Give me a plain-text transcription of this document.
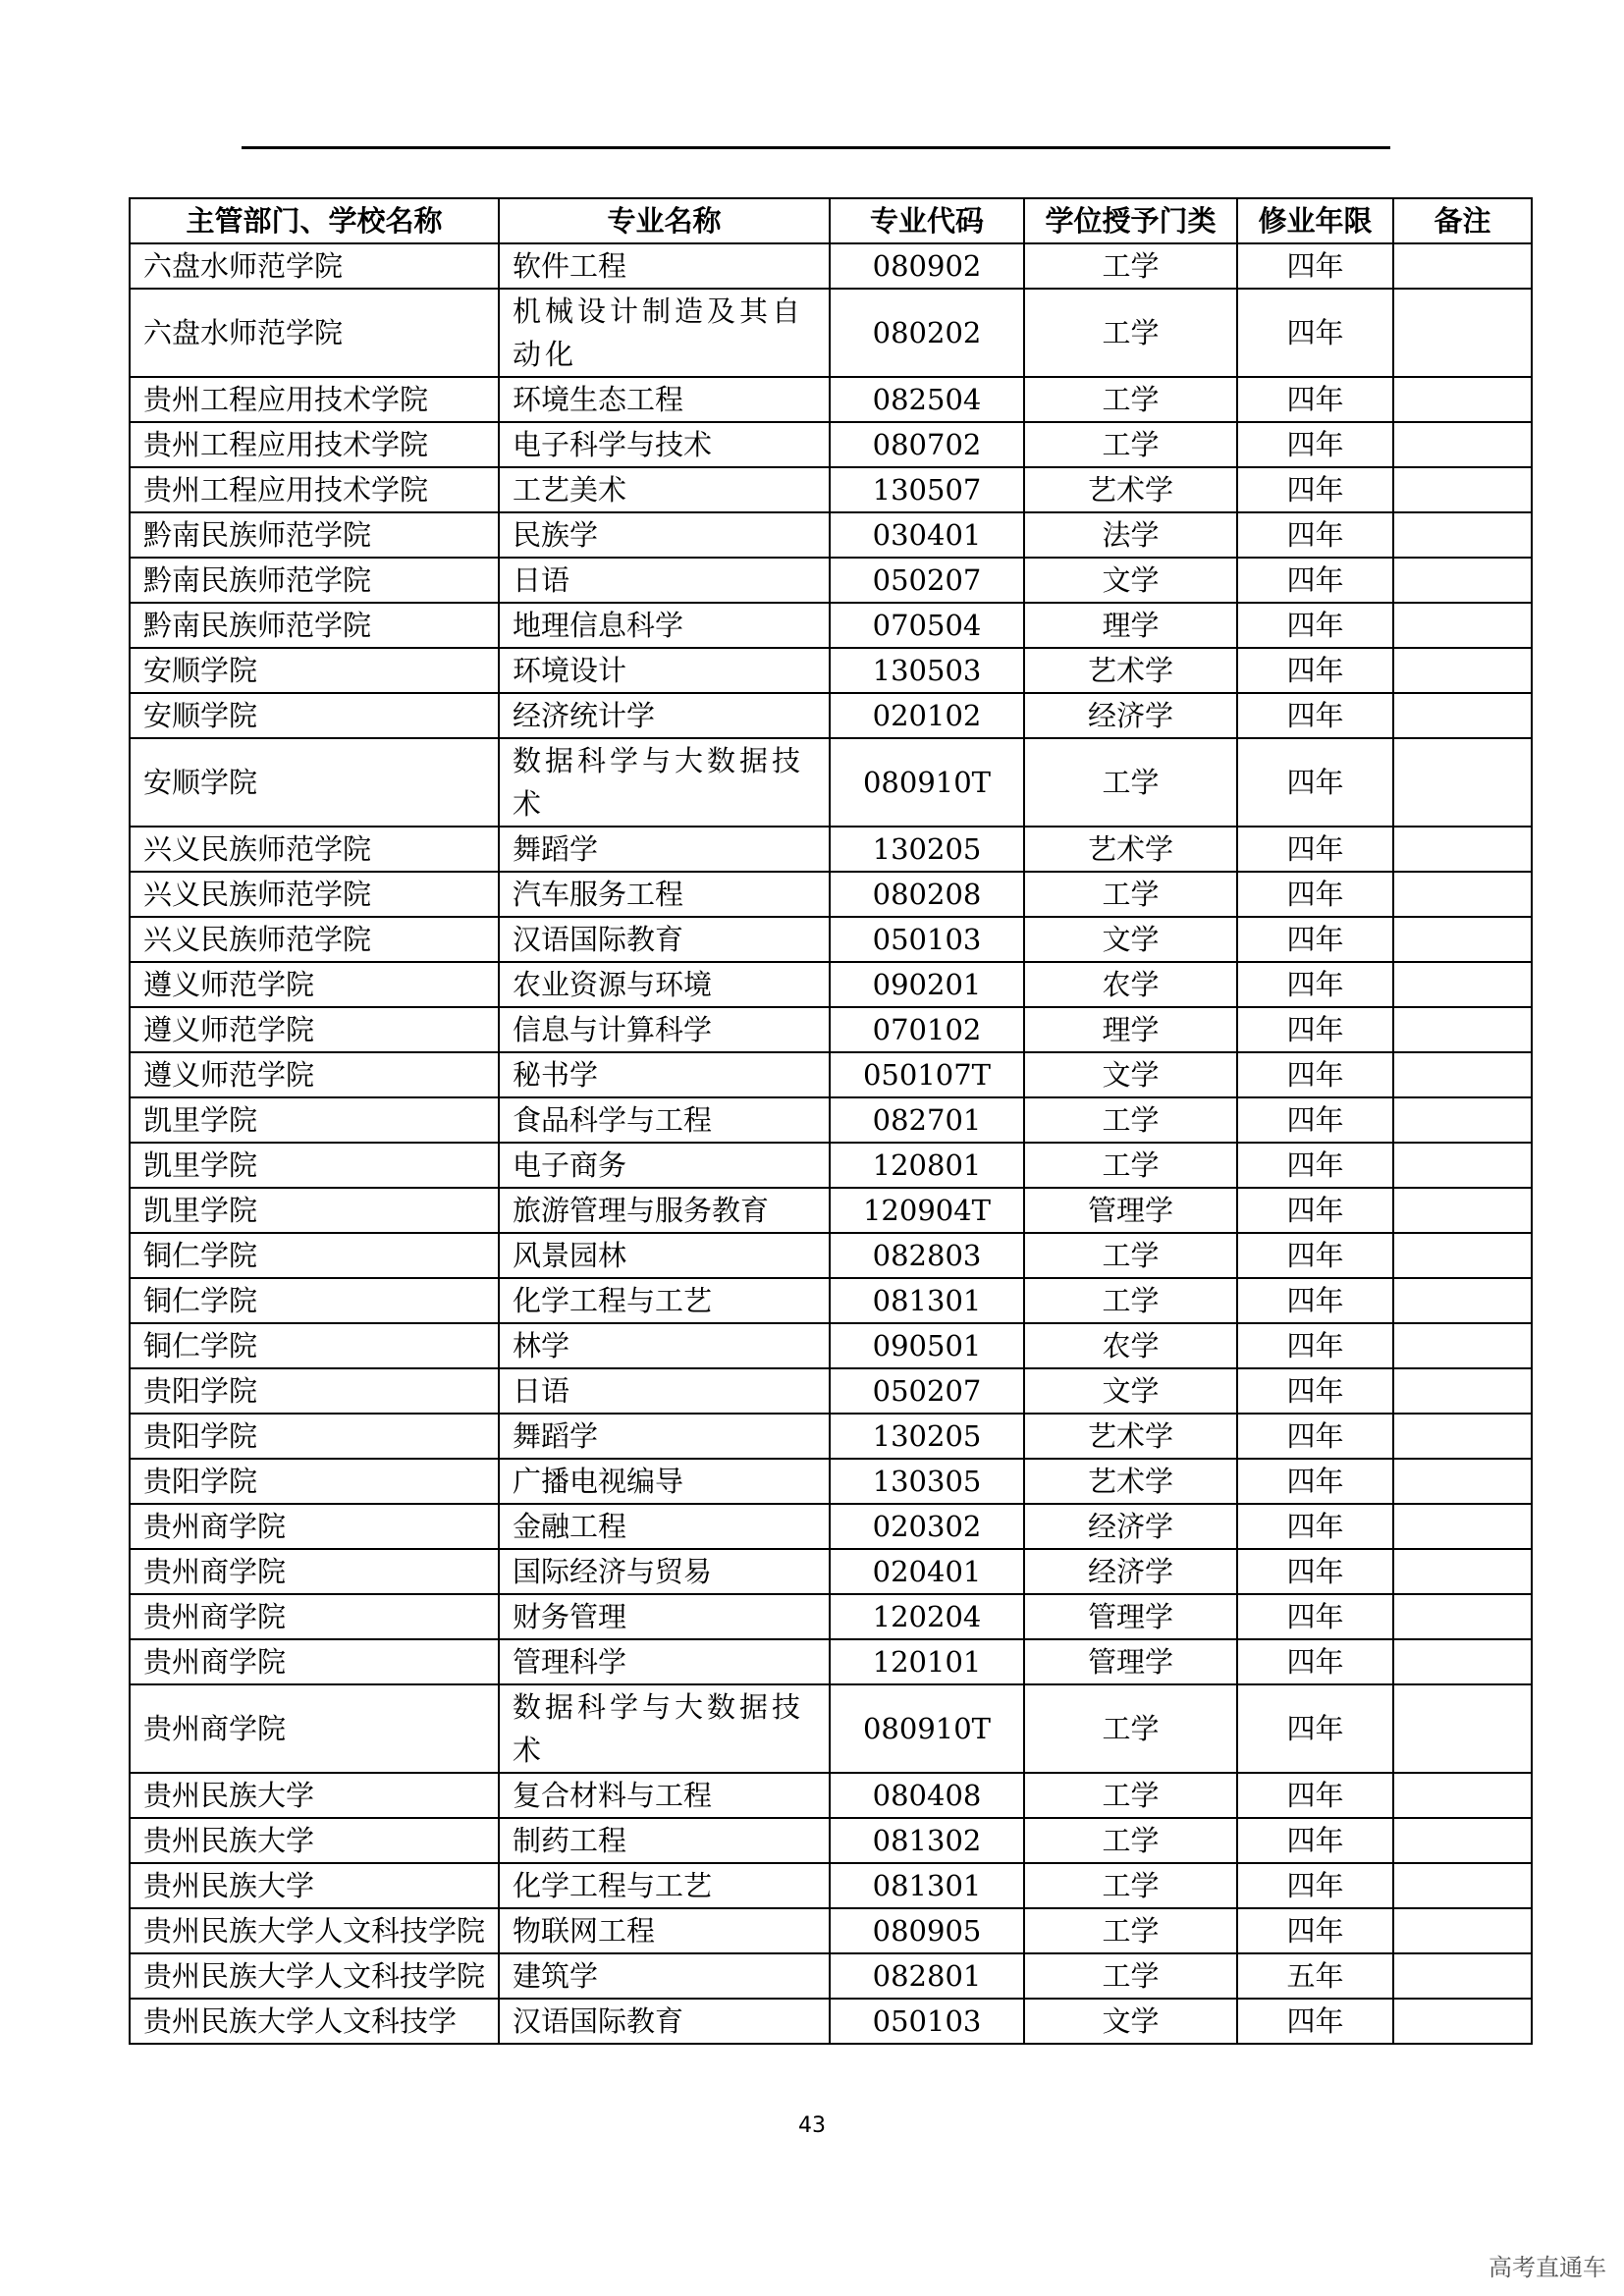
主管部门、学校名称	专业名称	专业代码	学位授予门类	修业年限	备注
六盘水师范学院	软件工程	080902	工学	四年	
六盘水师范学院	机械设计制造及其自动化	080202	工学	四年	
贵州工程应用技术学院	环境生态工程	082504	工学	四年	
贵州工程应用技术学院	电子科学与技术	080702	工学	四年	
贵州工程应用技术学院	工艺美术	130507	艺术学	四年	
黔南民族师范学院	民族学	030401	法学	四年	
黔南民族师范学院	日语	050207	文学	四年	
黔南民族师范学院	地理信息科学	070504	理学	四年	
安顺学院	环境设计	130503	艺术学	四年	
安顺学院	经济统计学	020102	经济学	四年	
安顺学院	数据科学与大数据技术	080910T	工学	四年	
兴义民族师范学院	舞蹈学	130205	艺术学	四年	
兴义民族师范学院	汽车服务工程	080208	工学	四年	
兴义民族师范学院	汉语国际教育	050103	文学	四年	
遵义师范学院	农业资源与环境	090201	农学	四年	
遵义师范学院	信息与计算科学	070102	理学	四年	
遵义师范学院	秘书学	050107T	文学	四年	
凯里学院	食品科学与工程	082701	工学	四年	
凯里学院	电子商务	120801	工学	四年	
凯里学院	旅游管理与服务教育	120904T	管理学	四年	
铜仁学院	风景园林	082803	工学	四年	
铜仁学院	化学工程与工艺	081301	工学	四年	
铜仁学院	林学	090501	农学	四年	
贵阳学院	日语	050207	文学	四年	
贵阳学院	舞蹈学	130205	艺术学	四年	
贵阳学院	广播电视编导	130305	艺术学	四年	
贵州商学院	金融工程	020302	经济学	四年	
贵州商学院	国际经济与贸易	020401	经济学	四年	
贵州商学院	财务管理	120204	管理学	四年	
贵州商学院	管理科学	120101	管理学	四年	
贵州商学院	数据科学与大数据技术	080910T	工学	四年	
贵州民族大学	复合材料与工程	080408	工学	四年	
贵州民族大学	制药工程	081302	工学	四年	
贵州民族大学	化学工程与工艺	081301	工学	四年	
贵州民族大学人文科技学院	物联网工程	080905	工学	四年	
贵州民族大学人文科技学院	建筑学	082801	工学	五年	
贵州民族大学人文科技学	汉语国际教育	050103	文学	四年	
43
高考直通车
